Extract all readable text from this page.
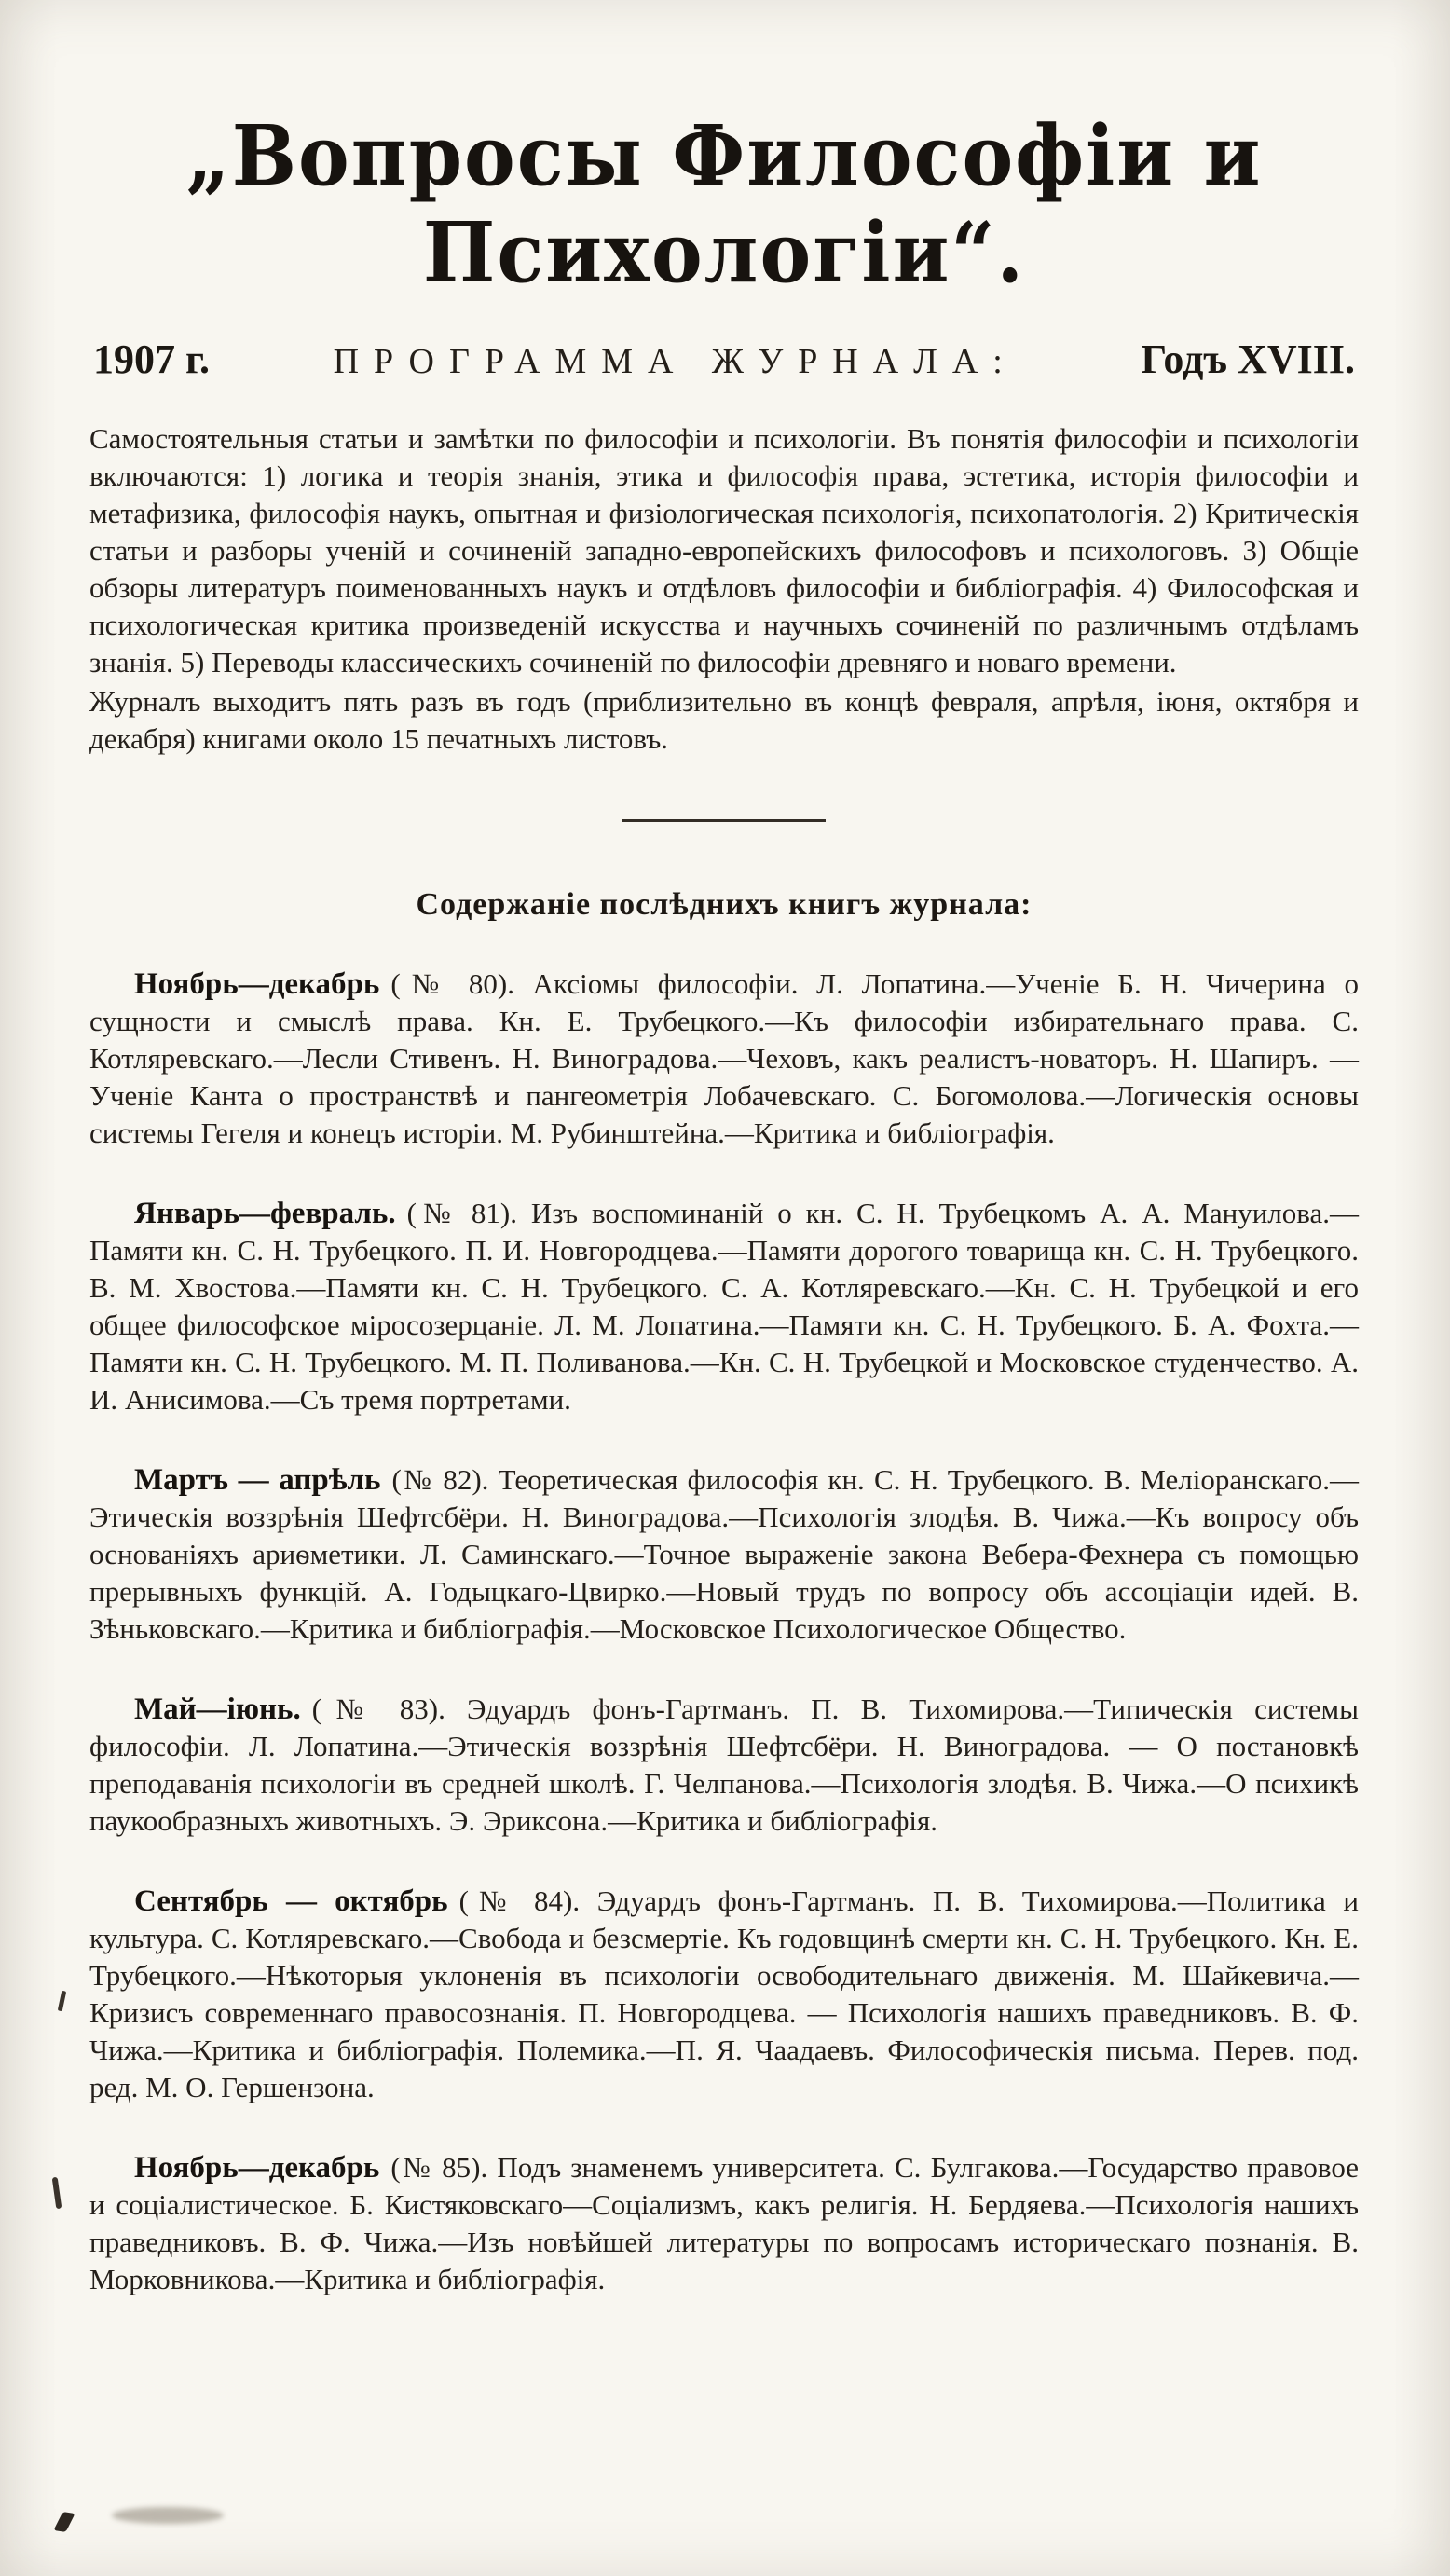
„Вопросы Философіи и Психологіи“.
1907 г.	ПРОГРАММА ЖУРНАЛА:	Годъ XVIII.

Самостоятельныя статьи и замѣтки по философіи и психологіи. Въ понятія философіи и психологіи включаются: 1) логика и теорія знанія, этика и философія права, эстетика, исторія философіи и метафизика, философія наукъ, опытная и физіологическая психологія, психопатологія. 2) Критическія статьи и разборы ученій и сочиненій западно-европейскихъ философовъ и психологовъ. 3) Общіе обзоры литературъ поименованныхъ наукъ и отдѣловъ философіи и библіографія. 4) Философская и психологическая критика произведеній искусства и научныхъ сочиненій по различнымъ отдѣламъ знанія. 5) Переводы классическихъ сочиненій по философіи древняго и новаго времени.

Журналъ выходитъ пять разъ въ годъ (приблизительно въ концѣ февраля, апрѣля, іюня, октября и декабря) книгами около 15 печатныхъ листовъ.

Содержаніе послѣднихъ книгъ журнала:

Ноябрь—декабрь (№ 80). Аксіомы философіи. Л. Лопатина.—Ученіе Б. Н. Чичерина о сущности и смыслѣ права. Кн. Е. Трубецкого.—Къ философіи избирательнаго права. С. Котляревскаго.—Лесли Стивенъ. Н. Виноградова.—Чеховъ, какъ реалистъ-новаторъ. Н. Шапиръ. — Ученіе Канта о пространствѣ и пангеометрія Лобачевскаго. С. Богомолова.—Логическія основы системы Гегеля и конецъ исторіи. М. Рубинштейна.—Критика и библіографія.

Январь—февраль. (№ 81). Изъ воспоминаній о кн. С. Н. Трубецкомъ А. А. Мануилова.—Памяти кн. С. Н. Трубецкого. П. И. Новгородцева.—Памяти дорогого товарища кн. С. Н. Трубецкого. В. М. Хвостова.—Памяти кн. С. Н. Трубецкого. С. А. Котляревскаго.—Кн. С. Н. Трубецкой и его общее философское міросозерцаніе. Л. М. Лопатина.—Памяти кн. С. Н. Трубецкого. Б. А. Фохта.—Памяти кн. С. Н. Трубецкого. М. П. Поливанова.—Кн. С. Н. Трубецкой и Московское студенчество. А. И. Анисимова.—Съ тремя портретами.

Мартъ — апрѣль (№ 82). Теоретическая философія кн. С. Н. Трубецкого. В. Меліоранскаго.—Этическія воззрѣнія Шефтсбёри. Н. Виноградова.—Психологія злодѣя. В. Чижа.—Къ вопросу объ основаніяхъ ариѳметики. Л. Саминскаго.—Точное выраженіе закона Вебера-Фехнера съ помощью прерывныхъ функцій. А. Годыцкаго-Цвирко.—Новый трудъ по вопросу объ ассоціаціи идей. В. Зѣньковскаго.—Критика и библіографія.—Московское Психологическое Общество.

Май—іюнь. (№ 83). Эдуардъ фонъ-Гартманъ. П. В. Тихомирова.—Типическія системы философіи. Л. Лопатина.—Этическія воззрѣнія Шефтсбёри. Н. Виноградова. — О постановкѣ преподаванія психологіи въ средней школѣ. Г. Челпанова.—Психологія злодѣя. В. Чижа.—О психикѣ паукообразныхъ животныхъ. Э. Эриксона.—Критика и библіографія.

Сентябрь — октябрь (№ 84). Эдуардъ фонъ-Гартманъ. П. В. Тихомирова.—Политика и культура. С. Котляревскаго.—Свобода и безсмертіе. Къ годовщинѣ смерти кн. С. Н. Трубецкого. Кн. Е. Трубецкого.—Нѣкоторыя уклоненія въ психологіи освободительнаго движенія. М. Шайкевича.—Кризисъ современнаго правосознанія. П. Новгородцева. — Психологія нашихъ праведниковъ. В. Ф. Чижа.—Критика и библіографія. Полемика.—П. Я. Чаадаевъ. Философическія письма. Перев. под. ред. М. О. Гершензона.

Ноябрь—декабрь (№ 85). Подъ знаменемъ университета. С. Булгакова.—Государство правовое и соціалистическое. Б. Кистяковскаго—Соціализмъ, какъ религія. Н. Бердяева.—Психологія нашихъ праведниковъ. В. Ф. Чижа.—Изъ новѣйшей литературы по вопросамъ историческаго познанія. В. Морковникова.—Критика и библіографія.
